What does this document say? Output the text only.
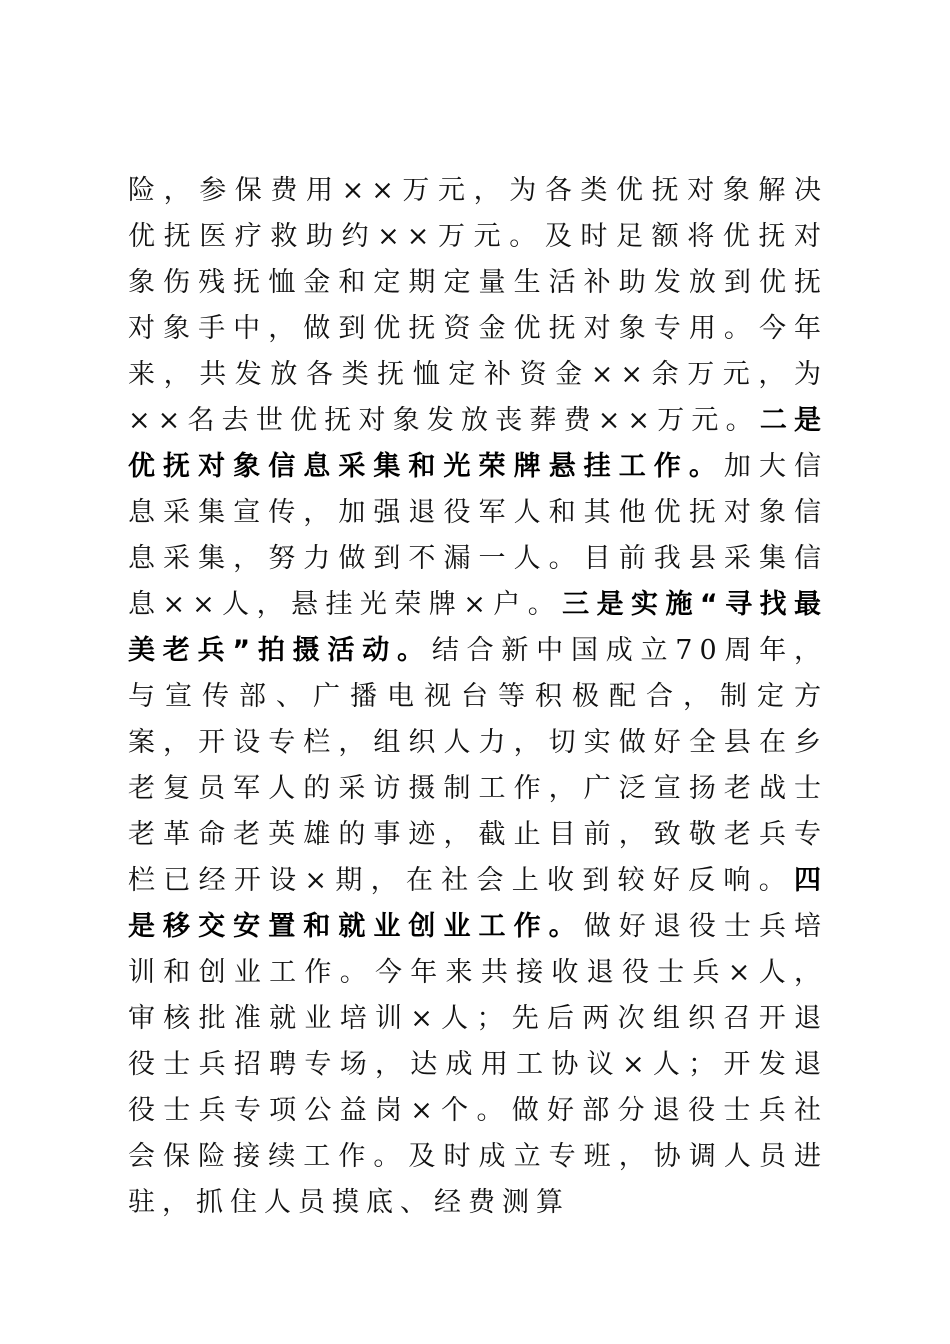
险，参保费用××万元，为各类优抚对象解决优抚医疗救助约××万元。及时足额将优抚对象伤残抚恤金和定期定量生活补助发放到优抚对象手中，做到优抚资金优抚对象专用。今年来，共发放各类抚恤定补资金××余万元，为××名去世优抚对象发放丧葬费××万元。二是优抚对象信息采集和光荣牌悬挂工作。加大信息采集宣传，加强退役军人和其他优抚对象信息采集，努力做到不漏一人。目前我县采集信息××人，悬挂光荣牌×户。三是实施“寻找最美老兵”拍摄活动。结合新中国成立70周年，与宣传部、广播电视台等积极配合，制定方案，开设专栏，组织人力，切实做好全县在乡老复员军人的采访摄制工作，广泛宣扬老战士老革命老英雄的事迹，截止目前，致敬老兵专栏已经开设×期，在社会上收到较好反响。四是移交安置和就业创业工作。做好退役士兵培训和创业工作。今年来共接收退役士兵×人，审核批准就业培训×人；先后两次组织召开退役士兵招聘专场，达成用工协议×人；开发退役士兵专项公益岗×个。做好部分退役士兵社会保险接续工作。及时成立专班，协调人员进驻，抓住人员摸底、经费测算
